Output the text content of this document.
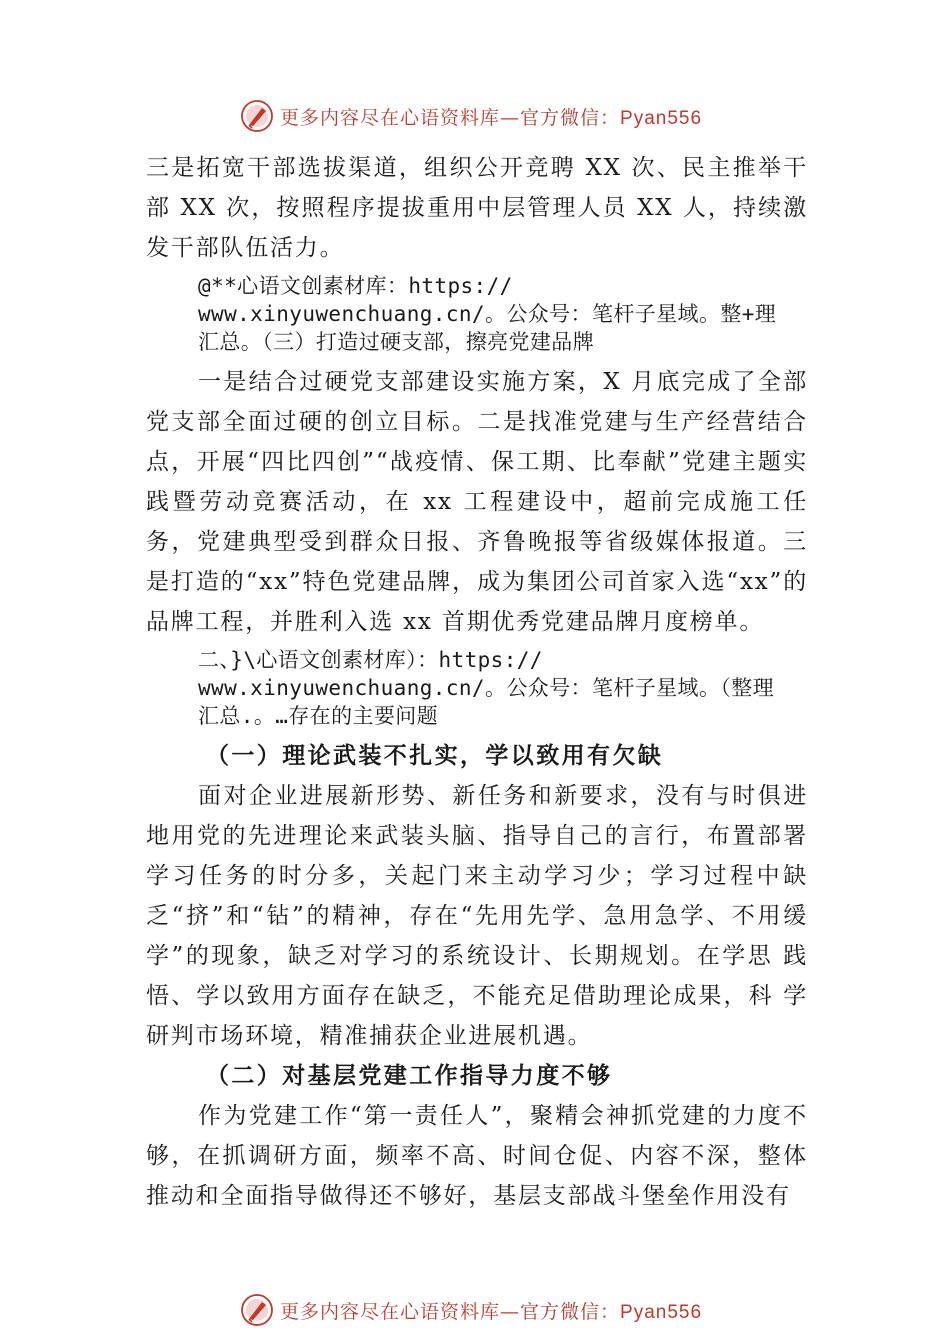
更多内容尽在心语资料库—官方微信：Pyan556

三是拓宽干部选拔渠道，组织公开竞聘 XX 次、民主推举干部 XX 次，按照程序提拔重用中层管理人员 XX 人，持续激发干部队伍活力。

@**心语文创素材库：https://
www.xinyuwenchuang.cn/。公众号：笔杆子星域。整+理
汇总。（三）打造过硬支部，擦亮党建品牌

一是结合过硬党支部建设实施方案，X 月底完成了全部党支部全面过硬的创立目标。二是找准党建与生产经营结合点，开展“四比四创”“战疫情、保工期、比奉献”党建主题实践暨劳动竞赛活动，在 xx 工程建设中，超前完成施工任务，党建典型受到群众日报、齐鲁晚报等省级媒体报道。三是打造的“xx”特色党建品牌，成为集团公司首家入选“xx”的品牌工程，并胜利入选 xx 首期优秀党建品牌月度榜单。

二、}\心语文创素材库）：https://
www.xinyuwenchuang.cn/。公众号：笔杆子星域。（整理
汇总.。…存在的主要问题

（一）理论武装不扎实，学以致用有欠缺

面对企业进展新形势、新任务和新要求，没有与时俱进地用党的先进理论来武装头脑、指导自己的言行，布置部署学习任务的时分多，关起门来主动学习少；学习过程中缺乏“挤”和“钻”的精神，存在“先用先学、急用急学、不用缓学”的现象，缺乏对学习的系统设计、长期规划。在学思 践悟、学以致用方面存在缺乏，不能充足借助理论成果，科 学研判市场环境，精准捕获企业进展机遇。

（二）对基层党建工作指导力度不够

作为党建工作“第一责任人”，聚精会神抓党建的力度不够，在抓调研方面，频率不高、时间仓促、内容不深，整体推动和全面指导做得还不够好，基层支部战斗堡垒作用没有

更多内容尽在心语资料库—官方微信：Pyan556
